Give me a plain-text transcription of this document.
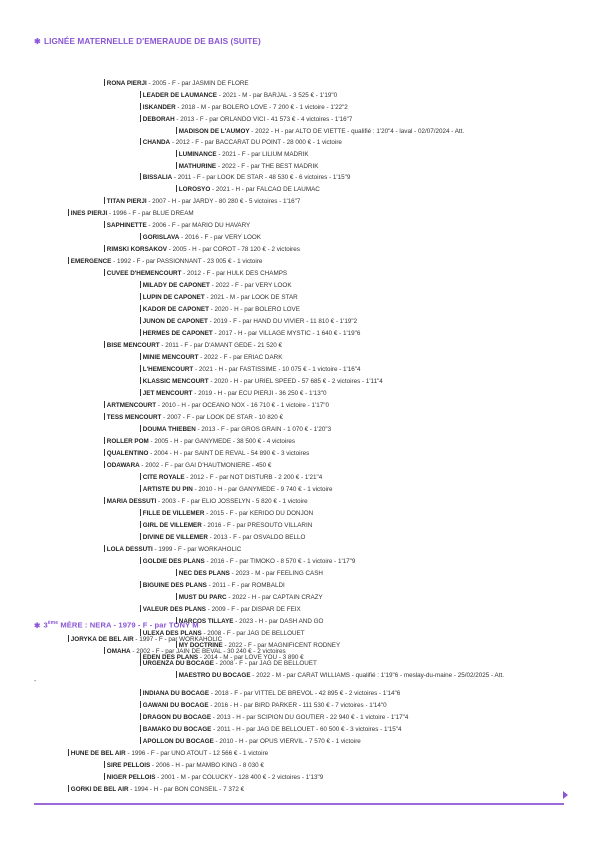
✱ LIGNÉE MATERNELLE D'EMERAUDE DE BAIS (SUITE)
✱ 3ème MÈRE : NERA - 1979 - F - par TONY M
-
RONA PIERJI - 2005 - F - par JASMIN DE FLORE
LEADER DE LAUMANCE - 2021 - M - par BARJAL - 3 525 € - 1'19"0
ISKANDER - 2018 - M - par BOLERO LOVE - 7 200 € - 1 victoire - 1'22"2
DEBORAH - 2013 - F - par ORLANDO VICI - 41 573 € - 4 victoires - 1'16"7
MADISON DE L'AUMOY - 2022 - H - par ALTO DE VIETTE - qualifié : 1'20"4 - laval - 02/07/2024 - Att.
CHANDA - 2012 - F - par BACCARAT DU POINT - 28 000 € - 1 victoire
LUMINANCE - 2021 - F - par LILIUM MADRIK
MATHURINE - 2022 - F - par THE BEST MADRIK
BISSALIA - 2011 - F - par LOOK DE STAR - 48 530 € - 6 victoires - 1'15"9
LOROSYO - 2021 - H - par FALCAO DE LAUMAC
TITAN PIERJI - 2007 - H - par JARDY - 80 280 € - 5 victoires - 1'16"7
INES PIERJI - 1996 - F - par BLUE DREAM
SAPHINETTE - 2006 - F - par MARIO DU HAVARY
GORISLAVA - 2016 - F - par VERY LOOK
RIMSKI KORSAKOV - 2005 - H - par COROT - 78 120 € - 2 victoires
EMERGENCE - 1992 - F - par PASSIONNANT - 23 005 € - 1 victoire
CUVEE D'HEMENCOURT - 2012 - F - par HULK DES CHAMPS
MILADY DE CAPONET - 2022 - F - par VERY LOOK
LUPIN DE CAPONET - 2021 - M - par LOOK DE STAR
KADOR DE CAPONET - 2020 - H - par BOLERO LOVE
JUNON DE CAPONET - 2019 - F - par HAND DU VIVIER - 11 810 € - 1'19"2
HERMES DE CAPONET - 2017 - H - par VILLAGE MYSTIC - 1 640 € - 1'19"6
BISE MENCOURT - 2011 - F - par D'AMANT GEDE - 21 520 €
MINIE MENCOURT - 2022 - F - par ERIAC DARK
L'HEMENCOURT - 2021 - H - par FASTISSIME - 10 075 € - 1 victoire - 1'16"4
KLASSIC MENCOURT - 2020 - H - par URIEL SPEED - 57 685 € - 2 victoires - 1'11"4
JET MENCOURT - 2019 - H - par ECU PIERJI - 36 250 € - 1'13"0
ARTMENCOURT - 2010 - H - par OCEANO NOX - 16 710 € - 1 victoire - 1'17"0
TESS MENCOURT - 2007 - F - par LOOK DE STAR - 10 820 €
DOUMA THIEBEN - 2013 - F - par GROS GRAIN - 1 070 € - 1'20"3
ROLLER POM - 2005 - H - par GANYMEDE - 38 500 € - 4 victoires
QUALENTINO - 2004 - H - par SAINT DE REVAL - 54 890 € - 3 victoires
ODAWARA - 2002 - F - par GAI D'HAUTMONIERE - 450 €
CITE ROYALE - 2012 - F - par NOT DISTURB - 2 200 € - 1'21"4
ARTISTE DU PIN - 2010 - H - par GANYMEDE - 9 740 € - 1 victoire
MARIA DESSUTI - 2003 - F - par ELIO JOSSELYN - 5 820 € - 1 victoire
FILLE DE VILLEMER - 2015 - F - par KERIDO DU DONJON
GIRL DE VILLEMER - 2016 - F - par PRESOUTO VILLARIN
DIVINE DE VILLEMER - 2013 - F - par OSVALDO BELLO
LOLA DESSUTI - 1999 - F - par WORKAHOLIC
GOLDIE DES PLANS - 2016 - F - par TIMOKO - 8 570 € - 1 victoire - 1'17"9
NEC DES PLANS - 2023 - M - par FEELING CASH
BIGUINE DES PLANS - 2011 - F - par ROMBALDI
MUST DU PARC - 2022 - H - par CAPTAIN CRAZY
VALEUR DES PLANS - 2009 - F - par DISPAR DE FEIX
NARCOS TILLAYE - 2023 - H - par DASH AND GO
ULEXA DES PLANS - 2008 - F - par JAG DE BELLOUET
MY DOCTRINE - 2022 - F - par MAGNIFICENT RODNEY
EDEN DES PLANS - 2014 - M - par LOVE YOU - 3 890 €
JORYKA DE BEL AIR - 1997 - F - par WORKAHOLIC
OMAHA - 2002 - F - par JAIN DE BEVAL - 30 240 € - 2 victoires
URGENZA DU BOCAGE - 2008 - F - par JAG DE BELLOUET
MAESTRO DU BOCAGE - 2022 - M - par CARAT WILLIAMS - qualifié : 1'19"6 - meslay-du-maine - 25/02/2025 - Att.
INDIANA DU BOCAGE - 2018 - F - par VITTEL DE BREVOL - 42 895 € - 2 victoires - 1'14"6
GAWANI DU BOCAGE - 2016 - H - par BIRD PARKER - 111 530 € - 7 victoires - 1'14"0
DRAGON DU BOCAGE - 2013 - H - par SCIPION DU GOUTIER - 22 940 € - 1 victoire - 1'17"4
BAMAKO DU BOCAGE - 2011 - H - par JAG DE BELLOUET - 60 500 € - 3 victoires - 1'15"4
APOLLON DU BOCAGE - 2010 - H - par OPUS VIERVIL - 7 570 € - 1 victoire
HUNE DE BEL AIR - 1996 - F - par UNO ATOUT - 12 566 € - 1 victoire
SIRE PELLOIS - 2006 - H - par MAMBO KING - 8 030 €
NIGER PELLOIS - 2001 - M - par COLUCKY - 128 400 € - 2 victoires - 1'13"9
GORKI DE BEL AIR - 1994 - H - par BON CONSEIL - 7 372 €
